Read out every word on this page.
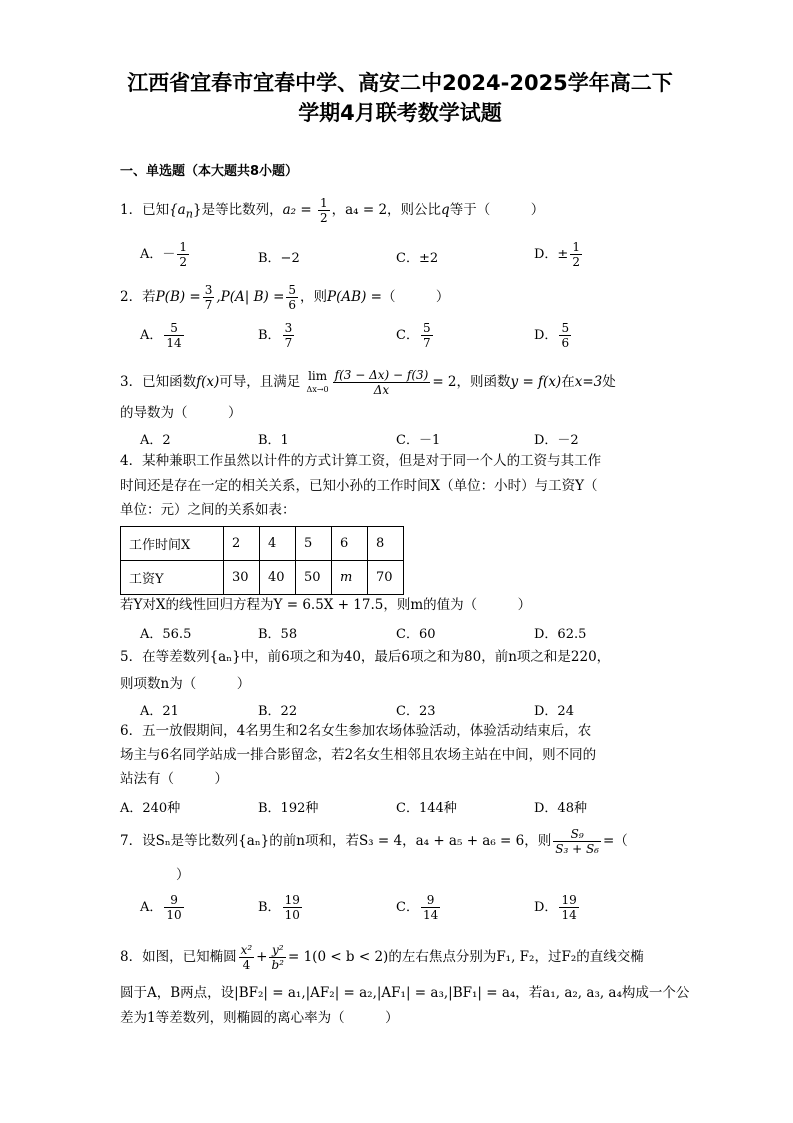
江西省宜春市宜春中学、高安二中2024-2025学年高二下
学期4月联考数学试题
一、单选题（本大题共8小题）
1．已知$\{a_n\}$是等比数列，$a_2 = \frac{1}{2}$ ，a₄ = 2，则公比q等于（　　　）
A．－ $\frac{1}{2}$	B．−2	C．±2	D．± $\frac{1}{2}$
2．若$P(B) = \frac{3}{7} ,P(A|$ $B) = \frac{5}{6}$ ，则P(AB) =（　　　）
A． $\frac{5}{14}$	B． $\frac{3}{7}$	C． $\frac{5}{7}$	D． $\frac{5}{6}$
3．已知函数f(x)可导，且满足 lim
$\Delta x\to 0 \frac{f(3 - \Delta x) - f(3)}{\Delta x} = 2$，则函数y = f(x)在x=3处
的导数为（　　　）
A．2	B．1	C．－1	D．－2
4．某种兼职工作虽然以计件的方式计算工资，但是对于同一个人的工资与其工作
时间还是存在一定的相关关系，已知小孙的工作时间X（单位：小时）与工资Y（
单位：元）之间的关系如表：
工作时间X	2	4	5	6	8
工资Y	30	40	50	m	70
若Y对X的线性回归方程为Y = 6.5X + 17.5，则m的值为（　　　）
A．56.5	B．58	C．60	D．62.5
5．在等差数列{aₙ}中，前6项之和为40，最后6项之和为80，前n项之和是220，
则项数n为（　　　）
A．21	B．22	C．23	D．24
6．五一放假期间，4名男生和2名女生参加农场体验活动，体验活动结束后，农
场主与6名同学站成一排合影留念，若2名女生相邻且农场主站在中间，则不同的
站法有（　　　）
A．240种	B．192种	C．144种	D．48种
7．设Sₙ是等比数列{aₙ}的前n项和，若S₃ = 4，a₄ + a₅ + a₆ = 6，则 $\frac{\text{S₉}}{\text{S₃ + S₆}}$ =（
）
A． $\frac{9}{10}$	B． $\frac{19}{10}$	C． $\frac{9}{14}$	D． $\frac{19}{14}$
8．如图，已知椭圆 $\frac{\text{x²}}{4} + \frac{\text{y²}}{\text{b²}} = 1(0 < b < 2)$的左右焦点分别为F₁, F₂，过F₂的直线交椭
圆于A，B两点，设|BF₂| = a₁,|AF₂| = a₂,|AF₁| = a₃,|BF₁| = a₄，若a₁, a₂, a₃, a₄构成一个公
差为1等差数列，则椭圆的离心率为（　　　）
